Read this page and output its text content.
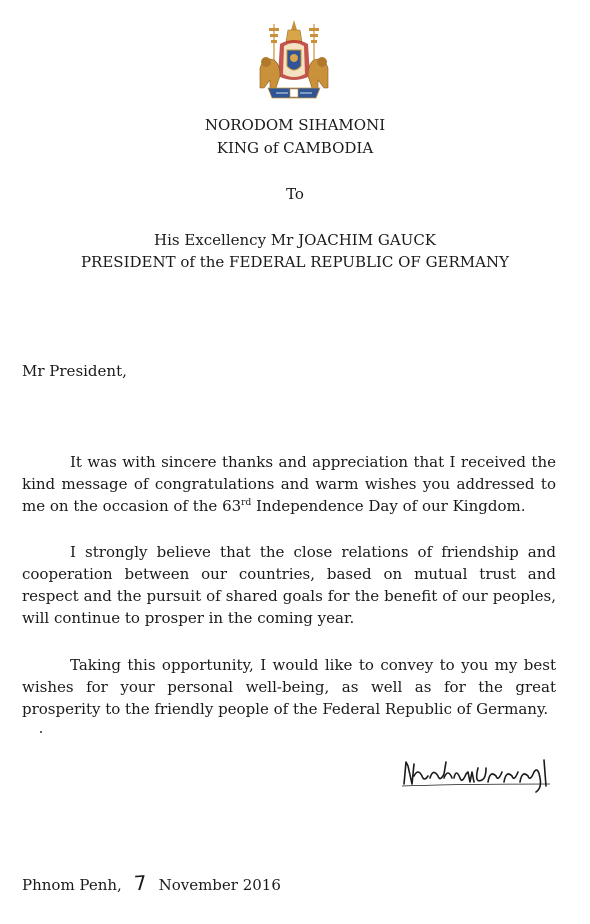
NORODOM SIHAMONI
KING of CAMBODIA
To
His Excellency Mr JOACHIM GAUCK
PRESIDENT of the FEDERAL REPUBLIC OF GERMANY
Mr President,

It was with sincere thanks and appreciation that I received the kind message of congratulations and warm wishes you addressed to me on the occasion of the 63rd Independence Day of our Kingdom.

I strongly believe that the close relations of friendship and cooperation between our countries, based on mutual trust and respect and the pursuit of shared goals for the benefit of our peoples, will continue to prosper in the coming year.

Taking this opportunity, I would like to convey to you my best wishes for your personal well-being, as well as for the great prosperity to the friendly people of the Federal Republic of Germany.

Phnom Penh, 7 November 2016
